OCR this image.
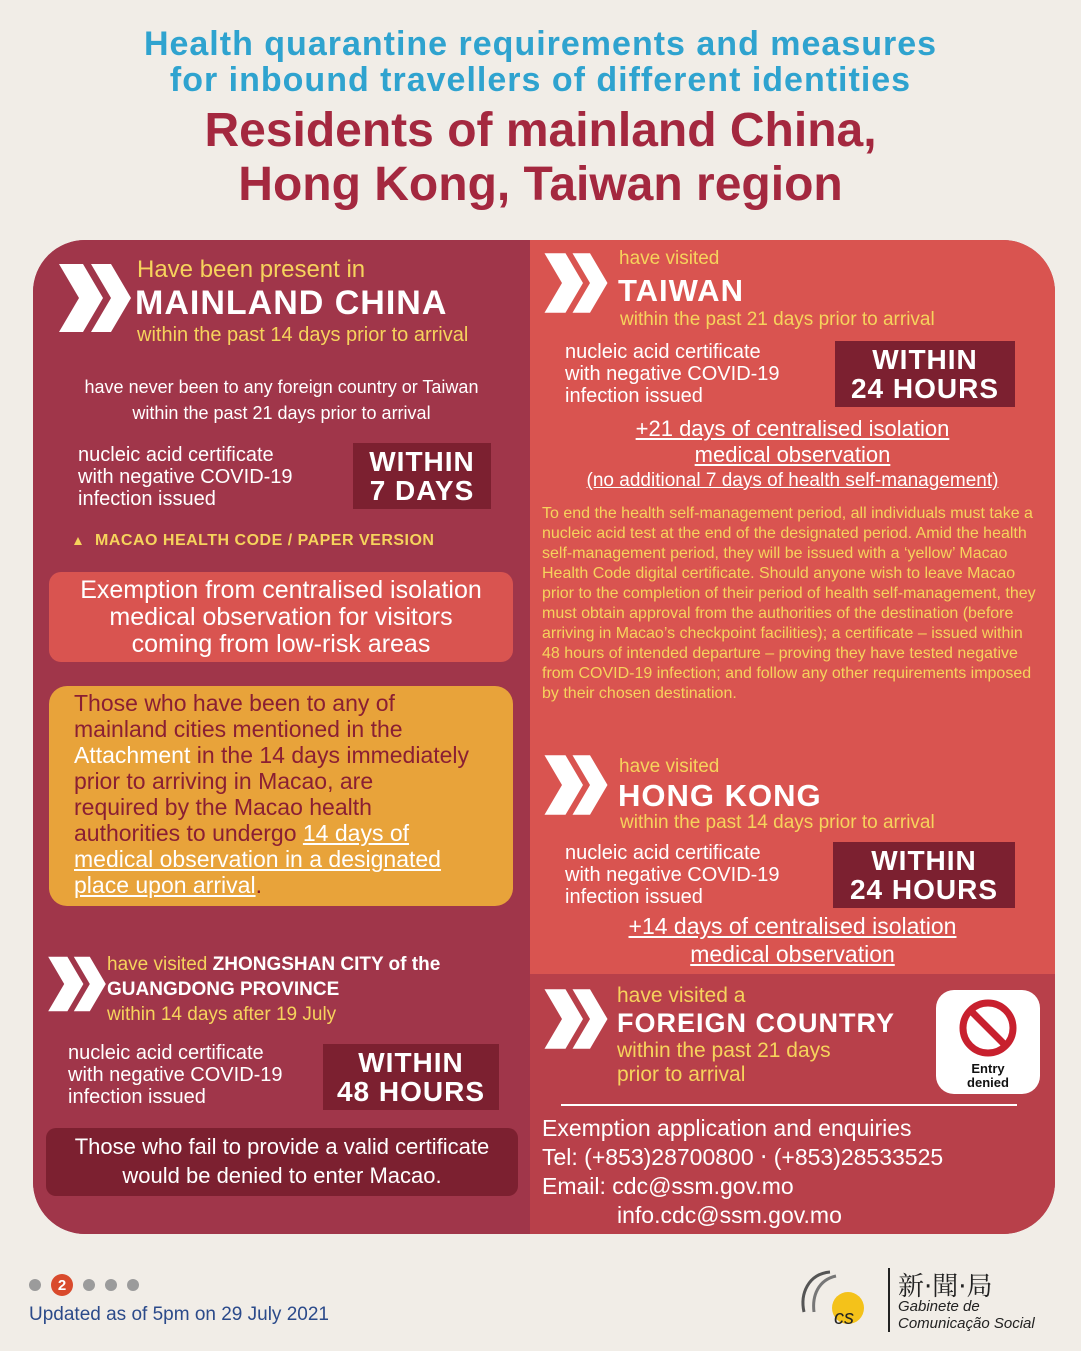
Health quarantine requirements and measures
for inbound travellers of different identities
Residents of mainland China,
Hong Kong, Taiwan region
Have been present in
MAINLAND CHINA
within the past 14 days prior to arrival
have never been to any foreign country or Taiwan
within the past 21 days prior to arrival
nucleic acid certificate
with negative COVID-19
infection issued
WITHIN
7 DAYS
MACAO HEALTH CODE / PAPER VERSION
Exemption from centralised isolation
medical observation for visitors
coming from low-risk areas
Those who have been to any of
mainland cities mentioned in the
Attachment in the 14 days immediately
prior to arriving in Macao, are
required by the Macao health
authorities to undergo 14 days of
medical observation in a designated
place upon arrival.
have visited ZHONGSHAN CITY of the
GUANGDONG PROVINCE
within 14 days after 19 July
nucleic acid certificate
with negative COVID-19
infection issued
WITHIN
48 HOURS
Those who fail to provide a valid certificate
would be denied to enter Macao.
have visited
TAIWAN
within the past 21 days prior to arrival
nucleic acid certificate
with negative COVID-19
infection issued
WITHIN
24 HOURS
+21 days of centralised isolation
medical observation
(no additional 7 days of health self-management)
To end the health self-management period, all individuals must take a nucleic acid test at the end of the designated period. Amid the health self-management period, they will be issued with a ‘yellow’ Macao Health Code digital certificate. Should anyone wish to leave Macao prior to the completion of their period of health self-management, they must obtain approval from the authorities of the destination (before arriving in Macao’s checkpoint facilities); a certificate – issued within 48 hours of intended departure – proving they have tested negative from COVID-19 infection; and follow any other requirements imposed by their chosen destination.
have visited
HONG KONG
within the past 14 days prior to arrival
nucleic acid certificate
with negative COVID-19
infection issued
WITHIN
24 HOURS
+14 days of centralised isolation
medical observation
have visited a
FOREIGN COUNTRY
within the past 21 days
prior to arrival	Entry
denied
Exemption application and enquiries
Tel: (+853)28700800 ‧ (+853)28533525
Email: cdc@ssm.gov.mo
info.cdc@ssm.gov.mo
2
Updated as of 5pm on 29 July 2021	cs
新·聞·局
Gabinete de
Comunicação Social
